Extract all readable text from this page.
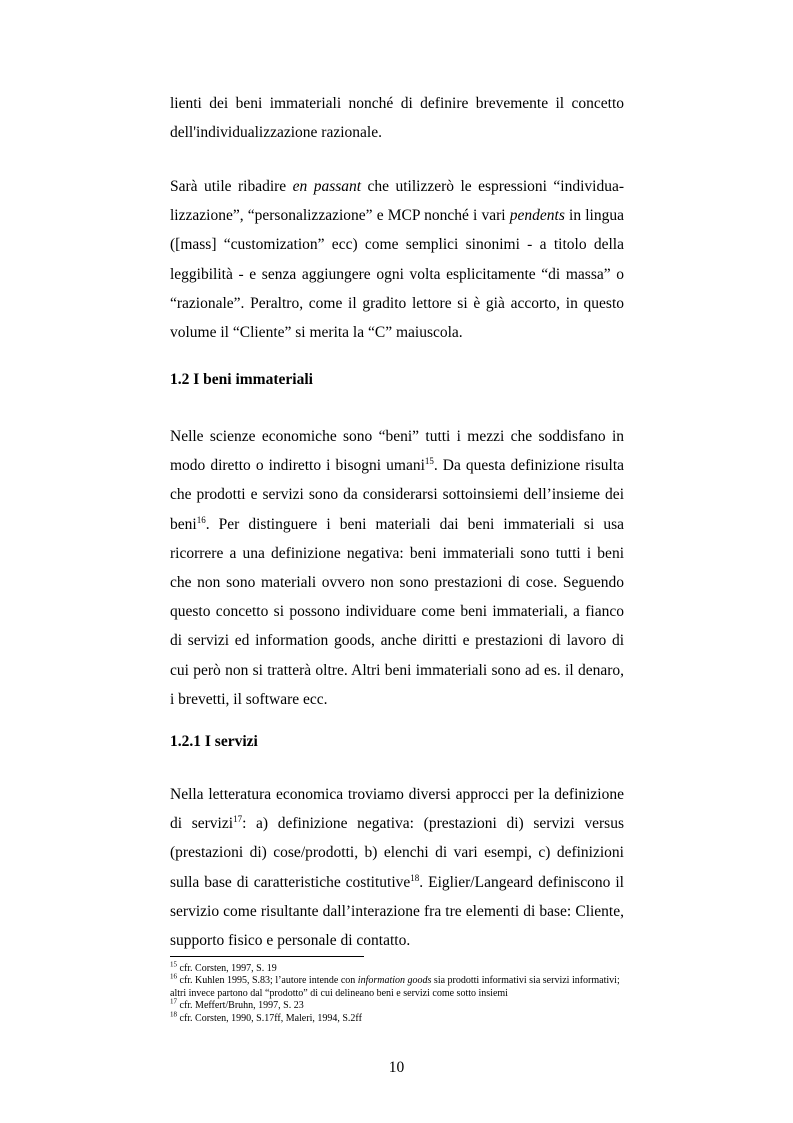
lienti dei beni immateriali nonché di definire brevemente il concetto

dell'individualizzazione razionale.

Sarà utile ribadire en passant che utilizzerò le espressioni “individua-lizzazione”, “personalizzazione” e MCP nonché i vari pendents in lingua ([mass] “customization” ecc) come semplici sinonimi - a titolo della leggibilità - e senza aggiungere ogni volta esplicitamente “di massa” o “razionale”. Peraltro, come il gradito lettore si è già accorto, in questo volume il “Cliente” si merita la “C” maiuscola.

1.2 I beni immateriali

Nelle scienze economiche sono “beni” tutti i mezzi che soddisfano in modo diretto o indiretto i bisogni umani$^{15}$. Da questa definizione risulta che prodotti e servizi sono da considerarsi sottoinsiemi dell’insieme dei beni$^{16}$. Per distinguere i beni materiali dai beni immateriali si usa ricorrere a una definizione negativa: beni immateriali sono tutti i beni che non sono materiali ovvero non sono prestazioni di cose. Seguendo questo concetto si possono individuare come beni immateriali, a fianco di servizi ed information goods, anche diritti e prestazioni di lavoro di cui però non si tratterà oltre. Altri beni immateriali sono ad es. il denaro, i brevetti, il software ecc.

1.2.1 I servizi

Nella letteratura economica troviamo diversi approcci per la definizione di servizi$^{17}$: a) definizione negativa: (prestazioni di) servizi versus (prestazioni di) cose/prodotti, b) elenchi di vari esempi, c) definizioni sulla base di caratteristiche costitutive$^{18}$. Eiglier/Langeard definiscono il servizio come risultante dall’interazione fra tre elementi di base: Cliente, supporto fisico e personale di contatto.

$^{15}$ cfr. Corsten, 1997, S. 19

$^{16}$ cfr. Kuhlen 1995, S.83; l’autore intende con information goods sia prodotti informativi sia servizi informativi; altri invece partono dal “prodotto” di cui delineano beni e servizi come sotto insiemi

$^{17}$ cfr. Meffert/Bruhn, 1997, S. 23

$^{18}$ cfr. Corsten, 1990, S.17ff, Maleri, 1994, S.2ff

10
